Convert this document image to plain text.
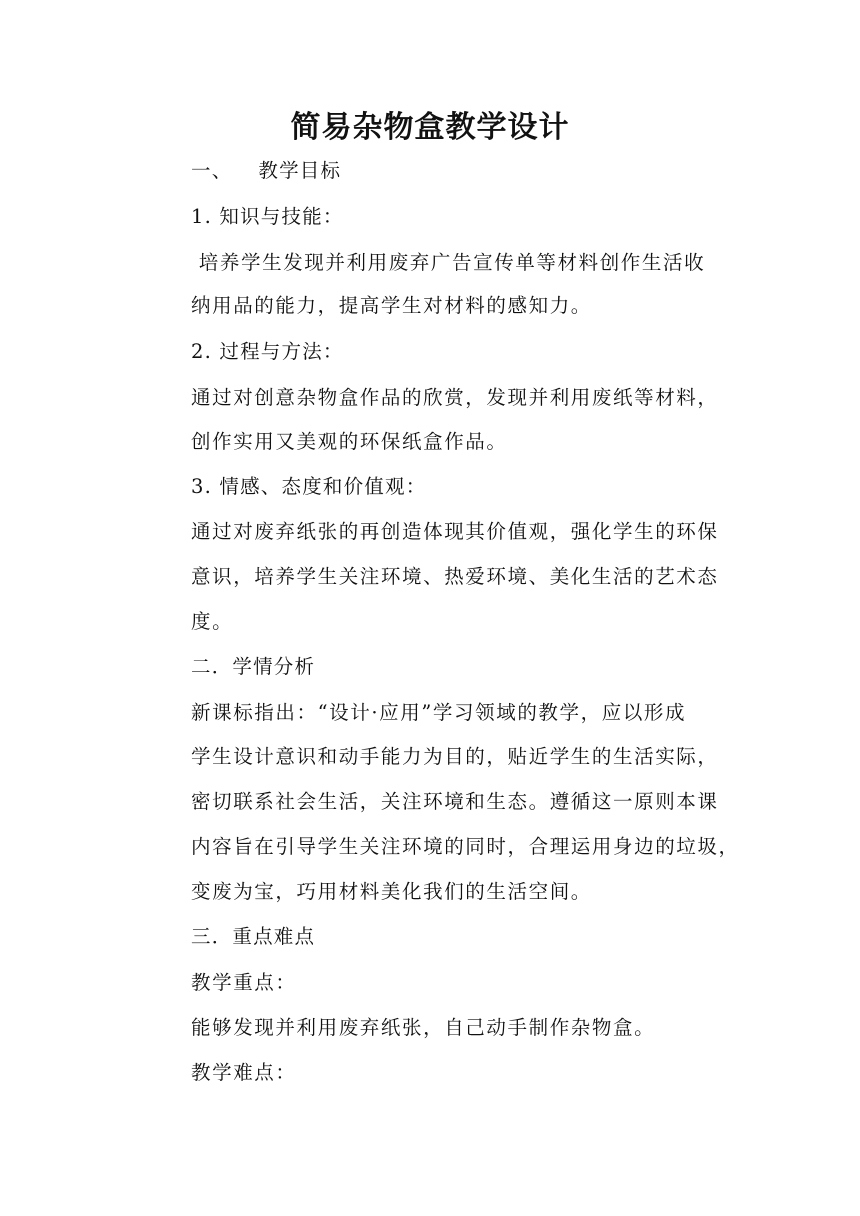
简易杂物盒教学设计
一、 教学目标
1. 知识与技能：
培养学生发现并利用废弃广告宣传单等材料创作生活收
纳用品的能力，提高学生对材料的感知力。
2. 过程与方法：
通过对创意杂物盒作品的欣赏，发现并利用废纸等材料，
创作实用又美观的环保纸盒作品。
3. 情感、态度和价值观：
通过对废弃纸张的再创造体现其价值观，强化学生的环保
意识，培养学生关注环境、热爱环境、美化生活的艺术态
度。
二．学情分析
新课标指出：“设计·应用”学习领域的教学，应以形成
学生设计意识和动手能力为目的，贴近学生的生活实际，
密切联系社会生活，关注环境和生态。遵循这一原则本课
内容旨在引导学生关注环境的同时，合理运用身边的垃圾，
变废为宝，巧用材料美化我们的生活空间。
三．重点难点
教学重点：
能够发现并利用废弃纸张，自己动手制作杂物盒。
教学难点：
